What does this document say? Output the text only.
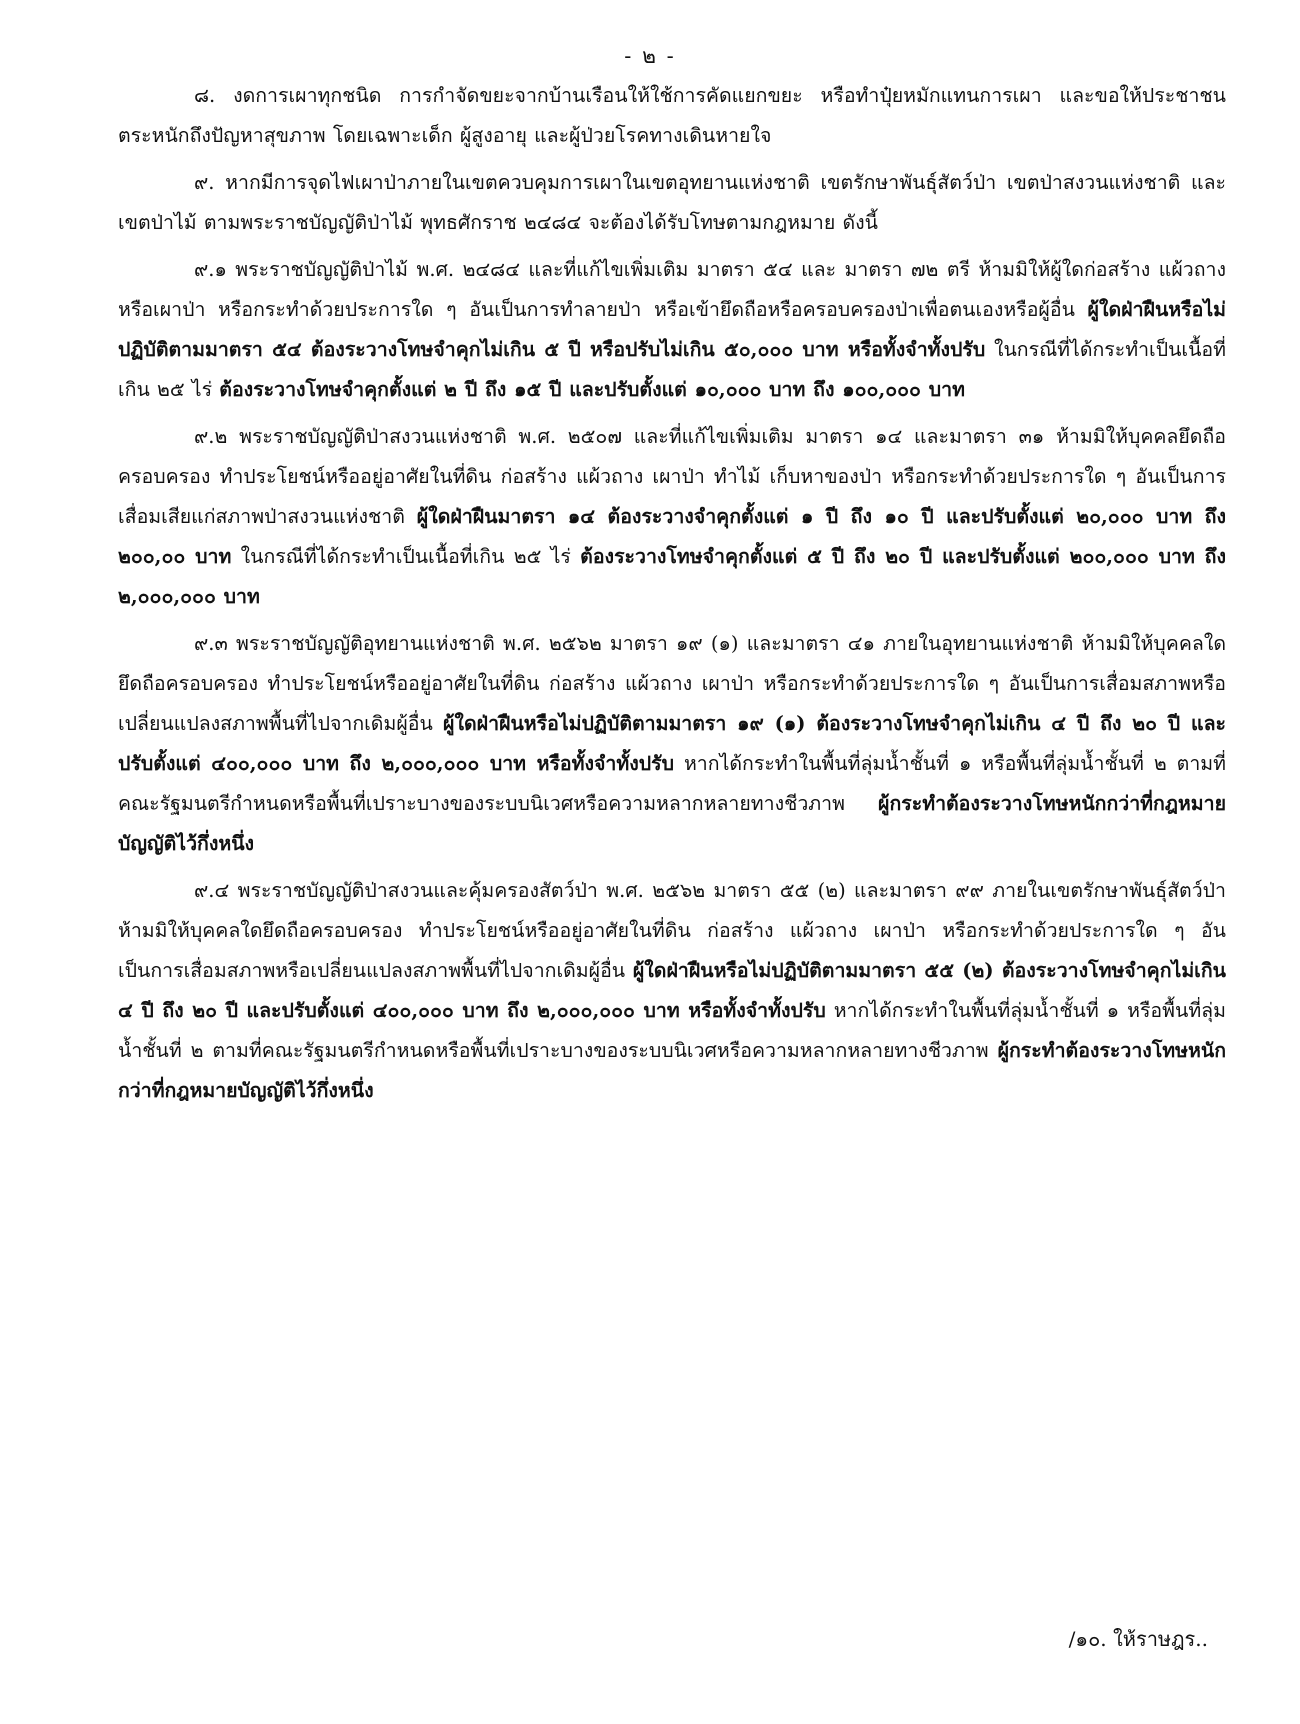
- ๒ -

๘. งดการเผาทุกชนิด การกำจัดขยะจากบ้านเรือนให้ใช้การคัดแยกขยะ หรือทำปุ๋ยหมักแทนการเผา และขอให้ประชาชนตระหนักถึงปัญหาสุขภาพ โดยเฉพาะเด็ก ผู้สูงอายุ และผู้ป่วยโรคทางเดินหายใจ

๙. หากมีการจุดไฟเผาป่าภายในเขตควบคุมการเผาในเขตอุทยานแห่งชาติ เขตรักษาพันธุ์สัตว์ป่า เขตป่าสงวนแห่งชาติ และเขตป่าไม้ ตามพระราชบัญญัติป่าไม้ พุทธศักราช ๒๔๘๔ จะต้องได้รับโทษตามกฎหมาย ดังนี้

๙.๑ พระราชบัญญัติป่าไม้ พ.ศ. ๒๔๘๔ และที่แก้ไขเพิ่มเติม มาตรา ๕๔ และ มาตรา ๗๒ ตรี ห้ามมิให้ผู้ใดก่อสร้าง แผ้วถาง หรือเผาป่า หรือกระทำด้วยประการใด ๆ อันเป็นการทำลายป่า หรือเข้ายึดถือหรือครอบครองป่าเพื่อตนเองหรือผู้อื่น ผู้ใดฝ่าฝืนหรือไม่ปฏิบัติตามมาตรา ๕๔ ต้องระวางโทษจำคุกไม่เกิน ๕ ปี หรือปรับไม่เกิน ๕๐,๐๐๐ บาท หรือทั้งจำทั้งปรับ ในกรณีที่ได้กระทำเป็นเนื้อที่เกิน ๒๕ ไร่ ต้องระวางโทษจำคุกตั้งแต่ ๒ ปี ถึง ๑๕ ปี และปรับตั้งแต่ ๑๐,๐๐๐ บาท ถึง ๑๐๐,๐๐๐ บาท

๙.๒ พระราชบัญญัติป่าสงวนแห่งชาติ พ.ศ. ๒๕๐๗ และที่แก้ไขเพิ่มเติม มาตรา ๑๔ และมาตรา ๓๑ ห้ามมิให้บุคคลยึดถือครอบครอง ทำประโยชน์หรืออยู่อาศัยในที่ดิน ก่อสร้าง แผ้วถาง เผาป่า ทำไม้ เก็บหาของป่า หรือกระทำด้วยประการใด ๆ อันเป็นการเสื่อมเสียแก่สภาพป่าสงวนแห่งชาติ ผู้ใดฝ่าฝืนมาตรา ๑๔ ต้องระวางจำคุกตั้งแต่ ๑ ปี ถึง ๑๐ ปี และปรับตั้งแต่ ๒๐,๐๐๐ บาท ถึง ๒๐๐,๐๐ บาท ในกรณีที่ได้กระทำเป็นเนื้อที่เกิน ๒๕ ไร่ ต้องระวางโทษจำคุกตั้งแต่ ๕ ปี ถึง ๒๐ ปี และปรับตั้งแต่ ๒๐๐,๐๐๐ บาท ถึง ๒,๐๐๐,๐๐๐ บาท

๙.๓ พระราชบัญญัติอุทยานแห่งชาติ พ.ศ. ๒๕๖๒ มาตรา ๑๙ (๑) และมาตรา ๔๑ ภายในอุทยานแห่งชาติ ห้ามมิให้บุคคลใดยึดถือครอบครอง ทำประโยชน์หรืออยู่อาศัยในที่ดิน ก่อสร้าง แผ้วถาง เผาป่า หรือกระทำด้วยประการใด ๆ อันเป็นการเสื่อมสภาพหรือเปลี่ยนแปลงสภาพพื้นที่ไปจากเดิมผู้อื่น ผู้ใดฝ่าฝืนหรือไม่ปฏิบัติตามมาตรา ๑๙ (๑) ต้องระวางโทษจำคุกไม่เกิน ๔ ปี ถึง ๒๐ ปี และปรับตั้งแต่ ๔๐๐,๐๐๐ บาท ถึง ๒,๐๐๐,๐๐๐ บาท หรือทั้งจำทั้งปรับ หากได้กระทำในพื้นที่ลุ่มน้ำชั้นที่ ๑ หรือพื้นที่ลุ่มน้ำชั้นที่ ๒ ตามที่คณะรัฐมนตรีกำหนดหรือพื้นที่เปราะบางของระบบนิเวศหรือความหลากหลายทางชีวภาพ ผู้กระทำต้องระวางโทษหนักกว่าที่กฎหมายบัญญัติไว้กึ่งหนึ่ง

๙.๔ พระราชบัญญัติป่าสงวนและคุ้มครองสัตว์ป่า พ.ศ. ๒๕๖๒ มาตรา ๕๕ (๒) และมาตรา ๙๙ ภายในเขตรักษาพันธุ์สัตว์ป่า ห้ามมิให้บุคคลใดยึดถือครอบครอง ทำประโยชน์หรืออยู่อาศัยในที่ดิน ก่อสร้าง แผ้วถาง เผาป่า หรือกระทำด้วยประการใด ๆ อันเป็นการเสื่อมสภาพหรือเปลี่ยนแปลงสภาพพื้นที่ไปจากเดิมผู้อื่น ผู้ใดฝ่าฝืนหรือไม่ปฏิบัติตามมาตรา ๕๕ (๒) ต้องระวางโทษจำคุกไม่เกิน ๔ ปี ถึง ๒๐ ปี และปรับตั้งแต่ ๔๐๐,๐๐๐ บาท ถึง ๒,๐๐๐,๐๐๐ บาท หรือทั้งจำทั้งปรับ หากได้กระทำในพื้นที่ลุ่มน้ำชั้นที่ ๑ หรือพื้นที่ลุ่มน้ำชั้นที่ ๒ ตามที่คณะรัฐมนตรีกำหนดหรือพื้นที่เปราะบางของระบบนิเวศหรือความหลากหลายทางชีวภาพ ผู้กระทำต้องระวางโทษหนักกว่าที่กฎหมายบัญญัติไว้กึ่งหนึ่ง

/๑๐. ให้ราษฎร..
